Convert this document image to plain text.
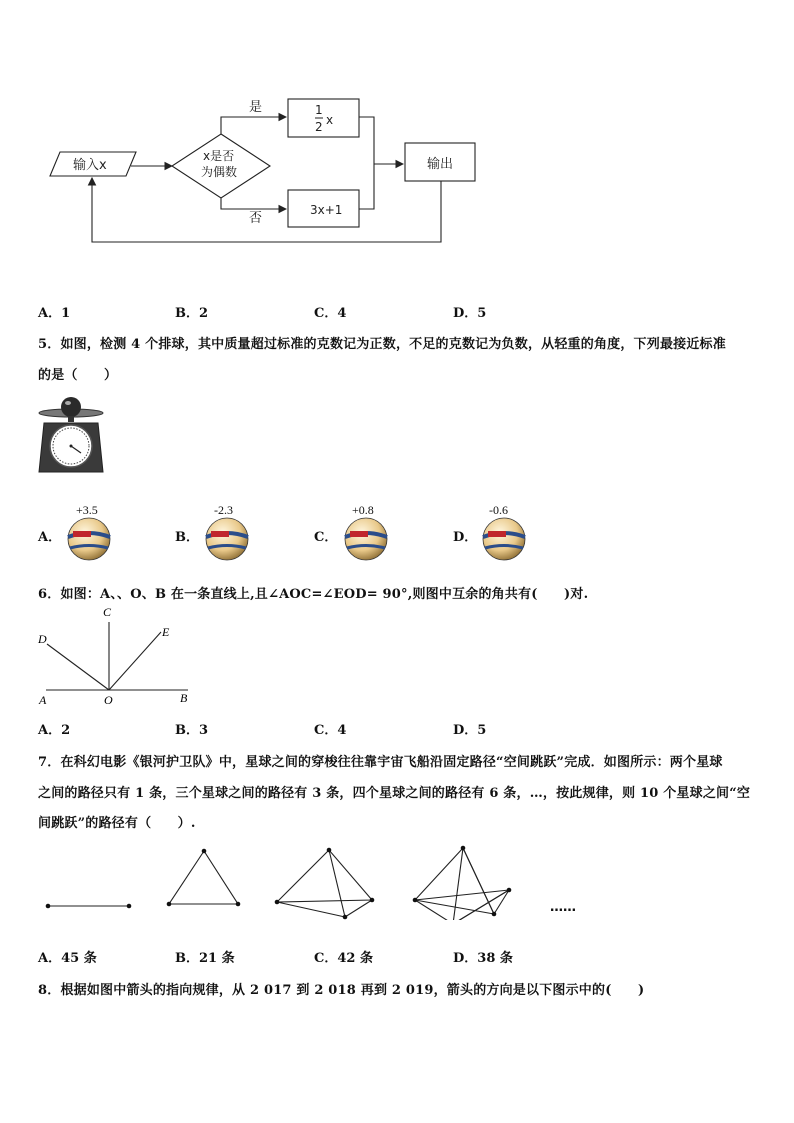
输入x
x是否
为偶数
是
否
1
2 x
3x+1
输出
A．1	B．2	C．4	D．5
5．如图，检测 4 个排球，其中质量超过标准的克数记为正数，不足的克数记为负数，从轻重的角度，下列最接近标准
的是（　　）
A．
+3.5
B．
-2.3
C．
+0.8
D．
-0.6
6．如图：A、、O、B 在一条直线上,且∠AOC=∠EOD= 90°,则图中互余的角共有(　　)对.
C
D	E
A	O	B
A．2	B．3	C．4	D．5
7．在科幻电影《银河护卫队》中，星球之间的穿梭往往靠宇宙飞船沿固定路径“空间跳跃”完成．如图所示：两个星球
之间的路径只有 1 条，三个星球之间的路径有 3 条，四个星球之间的路径有 6 条，…，按此规律，则 10 个星球之间“空
间跳跃”的路径有（　　）.
……
A．45 条	B．21 条	C．42 条	D．38 条
8．根据如图中箭头的指向规律，从 2 017 到 2 018 再到 2 019，箭头的方向是以下图示中的(　　)
